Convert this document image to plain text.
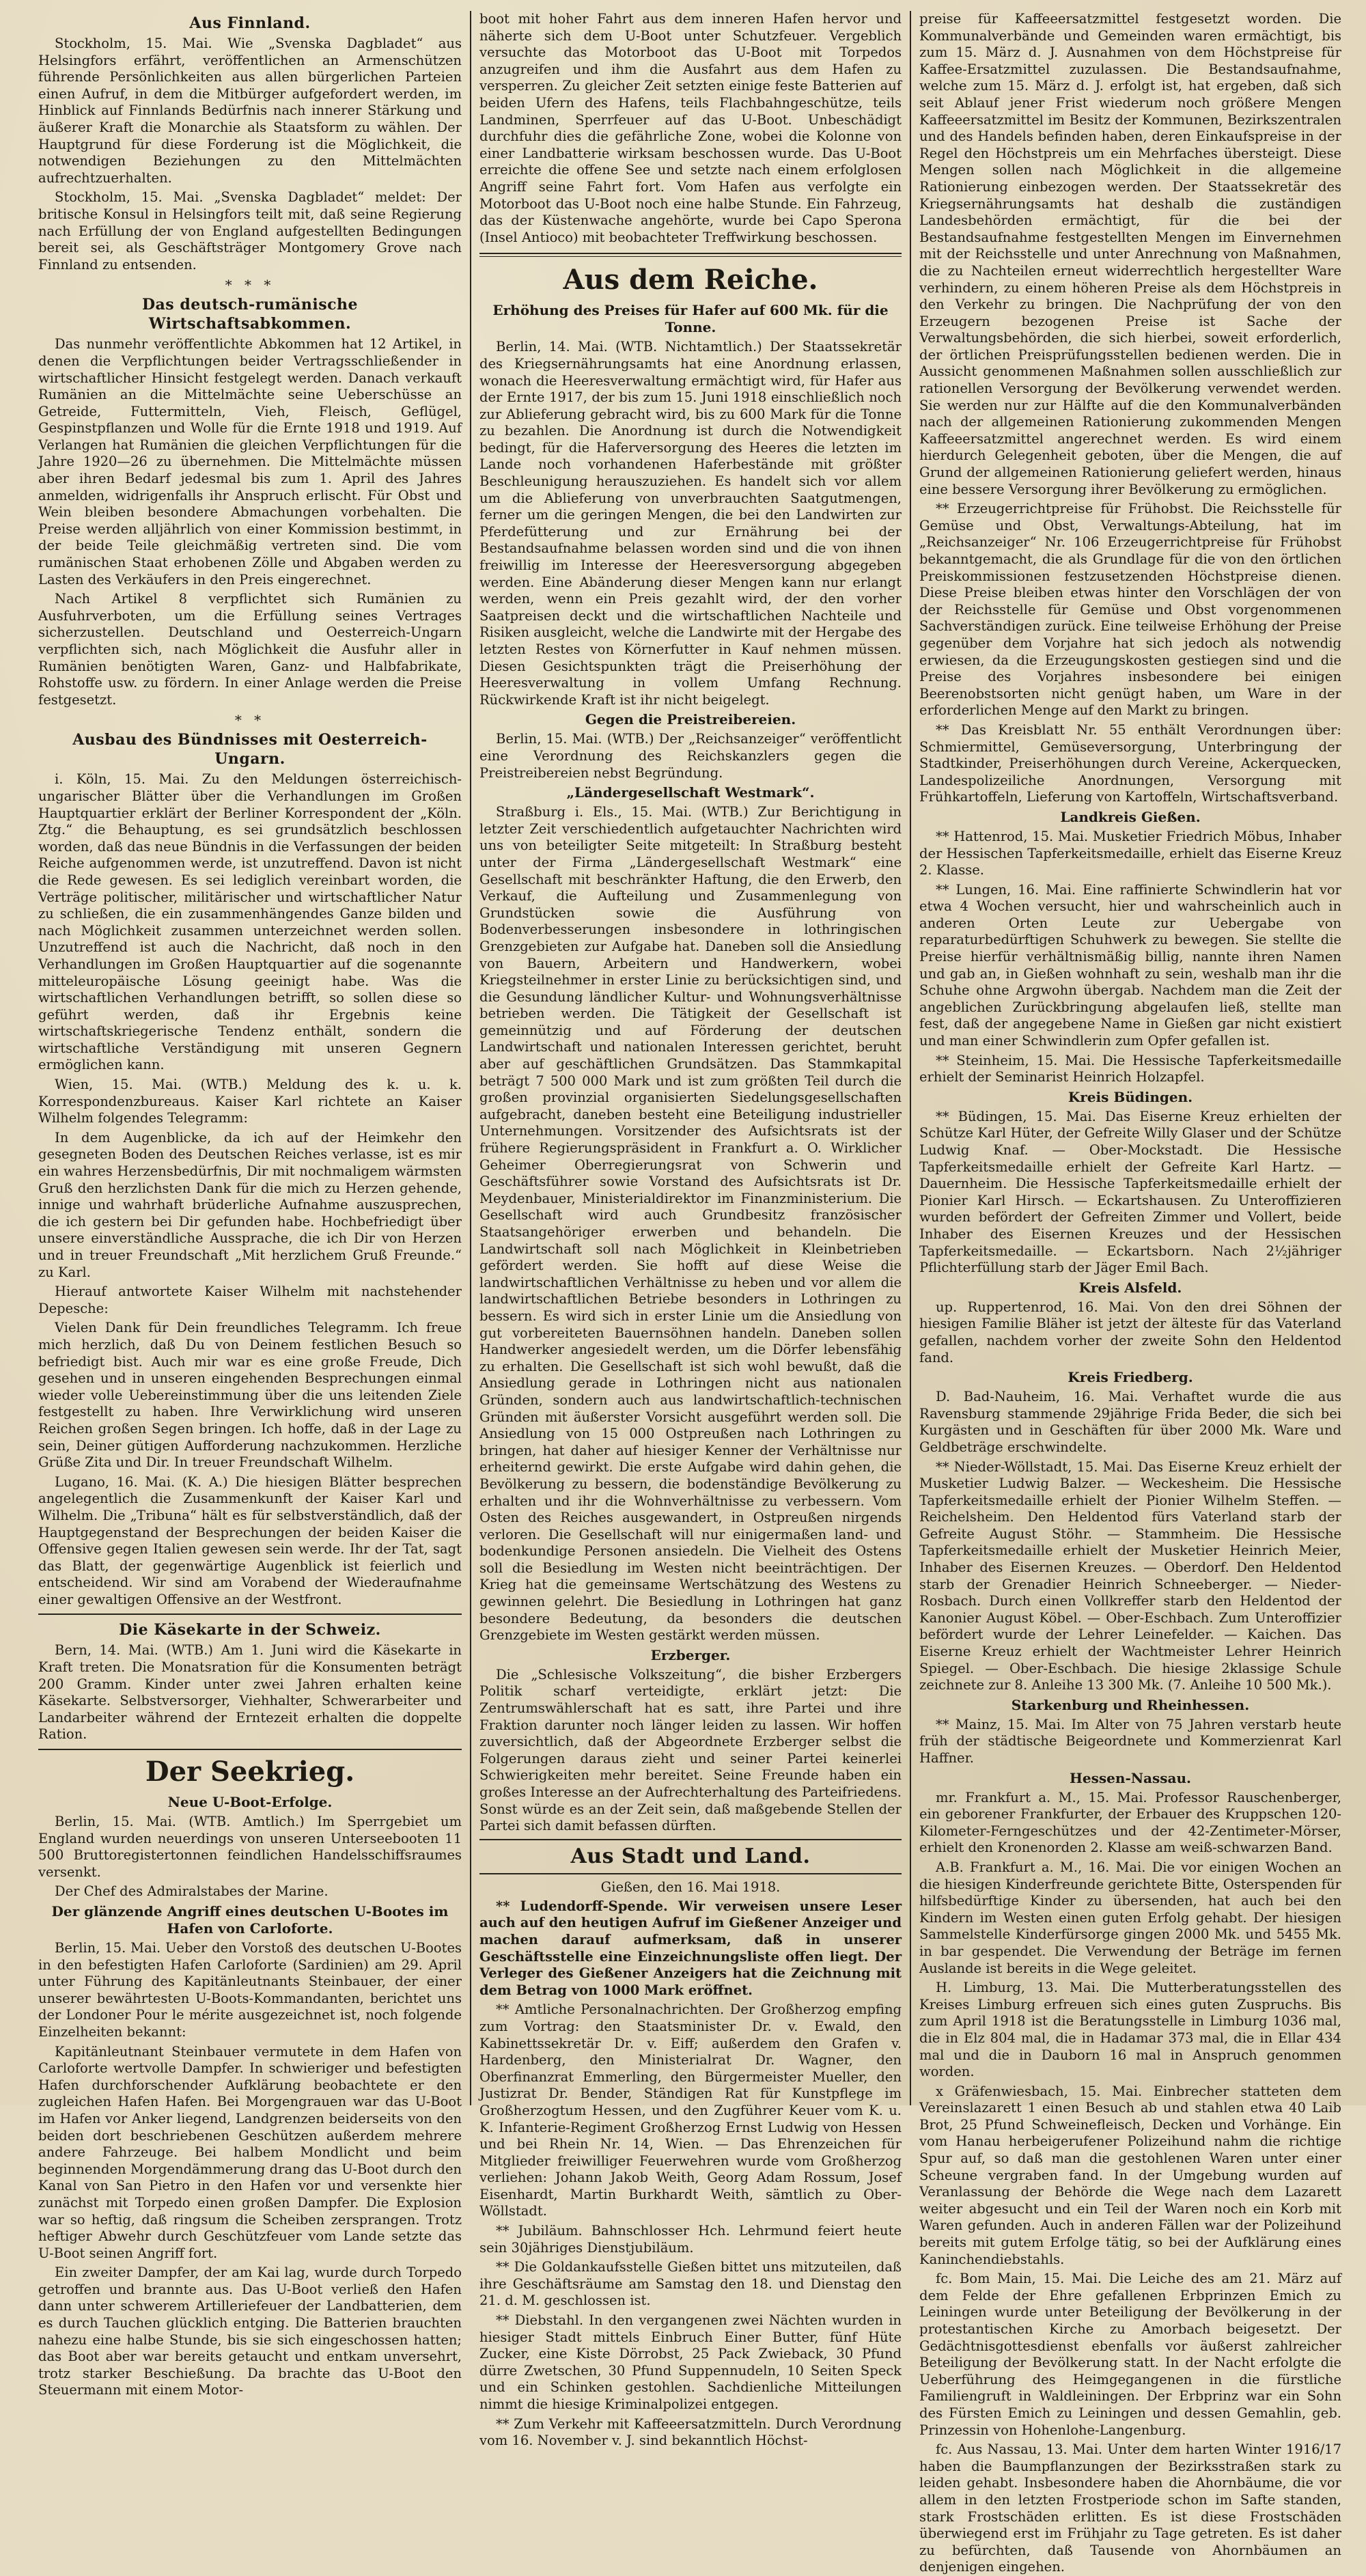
Aus Finnland.

Stockholm, 15. Mai. Wie „Svenska Dagbladet“ aus Helsingfors erfährt, veröffentlichen an Armenschützen führende Persönlichkeiten aus allen bürgerlichen Parteien einen Aufruf, in dem die Mitbürger aufgefordert werden, im Hinblick auf Finnlands Bedürfnis nach innerer Stärkung und äußerer Kraft die Monarchie als Staatsform zu wählen. Der Hauptgrund für diese Forderung ist die Möglichkeit, die notwendigen Beziehungen zu den Mittelmächten aufrechtzuerhalten.

Stockholm, 15. Mai. „Svenska Dagbladet“ meldet: Der britische Konsul in Helsingfors teilt mit, daß seine Regierung nach Erfüllung der von England aufgestellten Bedingungen bereit sei, als Geschäftsträger Montgomery Grove nach Finnland zu entsenden.

* * *
Das deutsch-rumänische Wirtschaftsabkommen.

Das nunmehr veröffentlichte Abkommen hat 12 Artikel, in denen die Verpflichtungen beider Vertragsschließender in wirtschaftlicher Hinsicht festgelegt werden. Danach verkauft Rumänien an die Mittelmächte seine Ueberschüsse an Getreide, Futtermitteln, Vieh, Fleisch, Geflügel, Gespinstpflanzen und Wolle für die Ernte 1918 und 1919. Auf Verlangen hat Rumänien die gleichen Verpflichtungen für die Jahre 1920—26 zu übernehmen. Die Mittelmächte müssen aber ihren Bedarf jedesmal bis zum 1. April des Jahres anmelden, widrigenfalls ihr Anspruch erlischt. Für Obst und Wein bleiben besondere Abmachungen vorbehalten. Die Preise werden alljährlich von einer Kommission bestimmt, in der beide Teile gleichmäßig vertreten sind. Die vom rumänischen Staat erhobenen Zölle und Abgaben werden zu Lasten des Verkäufers in den Preis eingerechnet.

Nach Artikel 8 verpflichtet sich Rumänien zu Ausfuhrverboten, um die Erfüllung seines Vertrages sicherzustellen. Deutschland und Oesterreich-Ungarn verpflichten sich, nach Möglichkeit die Ausfuhr aller in Rumänien benötigten Waren, Ganz- und Halbfabrikate, Rohstoffe usw. zu fördern. In einer Anlage werden die Preise festgesetzt.

* *
Ausbau des Bündnisses mit Oesterreich-Ungarn.

i. Köln, 15. Mai. Zu den Meldungen österreichisch-ungarischer Blätter über die Verhandlungen im Großen Hauptquartier erklärt der Berliner Korrespondent der „Köln. Ztg.“ die Behauptung, es sei grundsätzlich beschlossen worden, daß das neue Bündnis in die Verfassungen der beiden Reiche aufgenommen werde, ist unzutreffend. Davon ist nicht die Rede gewesen. Es sei lediglich vereinbart worden, die Verträge politischer, militärischer und wirtschaftlicher Natur zu schließen, die ein zusammenhängendes Ganze bilden und nach Möglichkeit zusammen unterzeichnet werden sollen. Unzutreffend ist auch die Nachricht, daß noch in den Verhandlungen im Großen Hauptquartier auf die sogenannte mitteleuropäische Lösung geeinigt habe. Was die wirtschaftlichen Verhandlungen betrifft, so sollen diese so geführt werden, daß ihr Ergebnis keine wirtschaftskriegerische Tendenz enthält, sondern die wirtschaftliche Verständigung mit unseren Gegnern ermöglichen kann.

Wien, 15. Mai. (WTB.) Meldung des k. u. k. Korrespondenzbureaus. Kaiser Karl richtete an Kaiser Wilhelm folgendes Telegramm:

In dem Augenblicke, da ich auf der Heimkehr den gesegneten Boden des Deutschen Reiches verlasse, ist es mir ein wahres Herzensbedürfnis, Dir mit nochmaligem wärmsten Gruß den herzlichsten Dank für die mich zu Herzen gehende, innige und wahrhaft brüderliche Aufnahme auszusprechen, die ich gestern bei Dir gefunden habe. Hochbefriedigt über unsere einverständliche Aussprache, die ich Dir von Herzen und in treuer Freundschaft „Mit herzlichem Gruß Freunde.“ zu Karl.

Hierauf antwortete Kaiser Wilhelm mit nachstehender Depesche:

Vielen Dank für Dein freundliches Telegramm. Ich freue mich herzlich, daß Du von Deinem festlichen Besuch so befriedigt bist. Auch mir war es eine große Freude, Dich gesehen und in unseren eingehenden Besprechungen einmal wieder volle Uebereinstimmung über die uns leitenden Ziele festgestellt zu haben. Ihre Verwirklichung wird unseren Reichen großen Segen bringen. Ich hoffe, daß in der Lage zu sein, Deiner gütigen Aufforderung nachzukommen. Herzliche Grüße Zita und Dir. In treuer Freundschaft Wilhelm.

Lugano, 16. Mai. (K. A.) Die hiesigen Blätter besprechen angelegentlich die Zusammenkunft der Kaiser Karl und Wilhelm. Die „Tribuna“ hält es für selbstverständlich, daß der Hauptgegenstand der Besprechungen der beiden Kaiser die Offensive gegen Italien gewesen sein werde. Ihr der Tat, sagt das Blatt, der gegenwärtige Augenblick ist feierlich und entscheidend. Wir sind am Vorabend der Wiederaufnahme einer gewaltigen Offensive an der Westfront.

Die Käsekarte in der Schweiz.

Bern, 14. Mai. (WTB.) Am 1. Juni wird die Käsekarte in Kraft treten. Die Monatsration für die Konsumenten beträgt 200 Gramm. Kinder unter zwei Jahren erhalten keine Käsekarte. Selbstversorger, Viehhalter, Schwerarbeiter und Landarbeiter während der Erntezeit erhalten die doppelte Ration.

Der Seekrieg.
Neue U-Boot-Erfolge.

Berlin, 15. Mai. (WTB. Amtlich.) Im Sperrgebiet um England wurden neuerdings von unseren Unterseebooten 11 500 Bruttoregistertonnen feindlichen Handelsschiffsraumes versenkt.

Der Chef des Admiralstabes der Marine.

Der glänzende Angriff eines deutschen U-Bootes im Hafen von Carloforte.

Berlin, 15. Mai. Ueber den Vorstoß des deutschen U-Bootes in den befestigten Hafen Carloforte (Sardinien) am 29. April unter Führung des Kapitänleutnants Steinbauer, der einer unserer bewährtesten U-Boots-Kommandanten, berichtet uns der Londoner Pour le mérite ausgezeichnet ist, noch folgende Einzelheiten bekannt:

Kapitänleutnant Steinbauer vermutete in dem Hafen von Carloforte wertvolle Dampfer. In schwieriger und befestigten Hafen durchforschender Aufklärung beobachtete er den zugleichen Hafen Hafen. Bei Morgengrauen war das U-Boot im Hafen vor Anker liegend, Landgrenzen beiderseits von den beiden dort beschriebenen Geschützen außerdem mehrere andere Fahrzeuge. Bei halbem Mondlicht und beim beginnenden Morgendämmerung drang das U-Boot durch den Kanal von San Pietro in den Hafen vor und versenkte hier zunächst mit Torpedo einen großen Dampfer. Die Explosion war so heftig, daß ringsum die Scheiben zersprangen. Trotz heftiger Abwehr durch Geschützfeuer vom Lande setzte das U-Boot seinen Angriff fort.

Ein zweiter Dampfer, der am Kai lag, wurde durch Torpedo getroffen und brannte aus. Das U-Boot verließ den Hafen dann unter schwerem Artilleriefeuer der Landbatterien, dem es durch Tauchen glücklich entging. Die Batterien brauchten nahezu eine halbe Stunde, bis sie sich eingeschossen hatten; das Boot aber war bereits getaucht und entkam unversehrt, trotz starker Beschießung. Da brachte das U-Boot den Steuermann mit einem Motor-

boot mit hoher Fahrt aus dem inneren Hafen hervor und näherte sich dem U-Boot unter Schutzfeuer. Vergeblich versuchte das Motorboot das U-Boot mit Torpedos anzugreifen und ihm die Ausfahrt aus dem Hafen zu versperren. Zu gleicher Zeit setzten einige feste Batterien auf beiden Ufern des Hafens, teils Flachbahngeschütze, teils Landminen, Sperrfeuer auf das U-Boot. Unbeschädigt durchfuhr dies die gefährliche Zone, wobei die Kolonne von einer Landbatterie wirksam beschossen wurde. Das U-Boot erreichte die offene See und setzte nach einem erfolglosen Angriff seine Fahrt fort. Vom Hafen aus verfolgte ein Motorboot das U-Boot noch eine halbe Stunde. Ein Fahrzeug, das der Küstenwache angehörte, wurde bei Capo Sperona (Insel Antioco) mit beobachteter Treffwirkung beschossen.

Aus dem Reiche.
Erhöhung des Preises für Hafer auf 600 Mk. für die Tonne.

Berlin, 14. Mai. (WTB. Nichtamtlich.) Der Staatssekretär des Kriegsernährungsamts hat eine Anordnung erlassen, wonach die Heeresverwaltung ermächtigt wird, für Hafer aus der Ernte 1917, der bis zum 15. Juni 1918 einschließlich noch zur Ablieferung gebracht wird, bis zu 600 Mark für die Tonne zu bezahlen. Die Anordnung ist durch die Notwendigkeit bedingt, für die Haferversorgung des Heeres die letzten im Lande noch vorhandenen Haferbestände mit größter Beschleunigung herauszuziehen. Es handelt sich vor allem um die Ablieferung von unverbrauchten Saatgutmengen, ferner um die geringen Mengen, die bei den Landwirten zur Pferdefütterung und zur Ernährung bei der Bestandsaufnahme belassen worden sind und die von ihnen freiwillig im Interesse der Heeresversorgung abgegeben werden. Eine Abänderung dieser Mengen kann nur erlangt werden, wenn ein Preis gezahlt wird, der den vorher Saatpreisen deckt und die wirtschaftlichen Nachteile und Risiken ausgleicht, welche die Landwirte mit der Hergabe des letzten Restes von Körnerfutter in Kauf nehmen müssen. Diesen Gesichtspunkten trägt die Preiserhöhung der Heeresverwaltung in vollem Umfang Rechnung. Rückwirkende Kraft ist ihr nicht beigelegt.

Gegen die Preistreibereien.

Berlin, 15. Mai. (WTB.) Der „Reichsanzeiger“ veröffentlicht eine Verordnung des Reichskanzlers gegen die Preistreibereien nebst Begründung.

„Ländergesellschaft Westmark“.

Straßburg i. Els., 15. Mai. (WTB.) Zur Berichtigung in letzter Zeit verschiedentlich aufgetauchter Nachrichten wird uns von beteiligter Seite mitgeteilt: In Straßburg besteht unter der Firma „Ländergesellschaft Westmark“ eine Gesellschaft mit beschränkter Haftung, die den Erwerb, den Verkauf, die Aufteilung und Zusammenlegung von Grundstücken sowie die Ausführung von Bodenverbesserungen insbesondere in lothringischen Grenzgebieten zur Aufgabe hat. Daneben soll die Ansiedlung von Bauern, Arbeitern und Handwerkern, wobei Kriegsteilnehmer in erster Linie zu berücksichtigen sind, und die Gesundung ländlicher Kultur- und Wohnungsverhältnisse betrieben werden. Die Tätigkeit der Gesellschaft ist gemeinnützig und auf Förderung der deutschen Landwirtschaft und nationalen Interessen gerichtet, beruht aber auf geschäftlichen Grundsätzen. Das Stammkapital beträgt 7 500 000 Mark und ist zum größten Teil durch die großen provinzial organisierten Siedelungsgesellschaften aufgebracht, daneben besteht eine Beteiligung industrieller Unternehmungen. Vorsitzender des Aufsichtsrats ist der frühere Regierungspräsident in Frankfurt a. O. Wirklicher Geheimer Oberregierungsrat von Schwerin und Geschäftsführer sowie Vorstand des Aufsichtsrats ist Dr. Meydenbauer, Ministerialdirektor im Finanzministerium. Die Gesellschaft wird auch Grundbesitz französischer Staatsangehöriger erwerben und behandeln. Die Landwirtschaft soll nach Möglichkeit in Kleinbetrieben gefördert werden. Sie hofft auf diese Weise die landwirtschaftlichen Verhältnisse zu heben und vor allem die landwirtschaftlichen Betriebe besonders in Lothringen zu bessern. Es wird sich in erster Linie um die Ansiedlung von gut vorbereiteten Bauernsöhnen handeln. Daneben sollen Handwerker angesiedelt werden, um die Dörfer lebensfähig zu erhalten. Die Gesellschaft ist sich wohl bewußt, daß die Ansiedlung gerade in Lothringen nicht aus nationalen Gründen, sondern auch aus landwirtschaftlich-technischen Gründen mit äußerster Vorsicht ausgeführt werden soll. Die Ansiedlung von 15 000 Ostpreußen nach Lothringen zu bringen, hat daher auf hiesiger Kenner der Verhältnisse nur erheiternd gewirkt. Die erste Aufgabe wird dahin gehen, die Bevölkerung zu bessern, die bodenständige Bevölkerung zu erhalten und ihr die Wohnverhältnisse zu verbessern. Vom Osten des Reiches ausgewandert, in Ostpreußen nirgends verloren. Die Gesellschaft will nur einigermaßen land- und bodenkundige Personen ansiedeln. Die Vielheit des Ostens soll die Besiedlung im Westen nicht beeinträchtigen. Der Krieg hat die gemeinsame Wertschätzung des Westens zu gewinnen gelehrt. Die Besiedlung in Lothringen hat ganz besondere Bedeutung, da besonders die deutschen Grenzgebiete im Westen gestärkt werden müssen.

Erzberger.

Die „Schlesische Volkszeitung“, die bisher Erzbergers Politik scharf verteidigte, erklärt jetzt: Die Zentrumswählerschaft hat es satt, ihre Partei und ihre Fraktion darunter noch länger leiden zu lassen. Wir hoffen zuversichtlich, daß der Abgeordnete Erzberger selbst die Folgerungen daraus zieht und seiner Partei keinerlei Schwierigkeiten mehr bereitet. Seine Freunde haben ein großes Interesse an der Aufrechterhaltung des Parteifriedens. Sonst würde es an der Zeit sein, daß maßgebende Stellen der Partei sich damit befassen dürften.

Aus Stadt und Land.
Gießen, den 16. Mai 1918.

** Ludendorff-Spende. Wir verweisen unsere Leser auch auf den heutigen Aufruf im Gießener Anzeiger und machen darauf aufmerksam, daß in unserer Geschäftsstelle eine Einzeichnungsliste offen liegt. Der Verleger des Gießener Anzeigers hat die Zeichnung mit dem Betrag von 1000 Mark eröffnet.

** Amtliche Personalnachrichten. Der Großherzog empfing zum Vortrag: den Staatsminister Dr. v. Ewald, den Kabinettssekretär Dr. v. Eiff; außerdem den Grafen v. Hardenberg, den Ministerialrat Dr. Wagner, den Oberfinanzrat Emmerling, den Bürgermeister Mueller, den Justizrat Dr. Bender, Ständigen Rat für Kunstpflege im Großherzogtum Hessen, und den Zugführer Keuer vom K. u. K. Infanterie-Regiment Großherzog Ernst Ludwig von Hessen und bei Rhein Nr. 14, Wien. — Das Ehrenzeichen für Mitglieder freiwilliger Feuerwehren wurde vom Großherzog verliehen: Johann Jakob Weith, Georg Adam Rossum, Josef Eisenhardt, Martin Burkhardt Weith, sämtlich zu Ober-Wöllstadt.

** Jubiläum. Bahnschlosser Hch. Lehrmund feiert heute sein 30jähriges Dienstjubiläum.

** Die Goldankaufsstelle Gießen bittet uns mitzuteilen, daß ihre Geschäftsräume am Samstag den 18. und Dienstag den 21. d. M. geschlossen ist.

** Diebstahl. In den vergangenen zwei Nächten wurden in hiesiger Stadt mittels Einbruch Einer Butter, fünf Hüte Zucker, eine Kiste Dörrobst, 25 Pack Zwieback, 30 Pfund dürre Zwetschen, 30 Pfund Suppennudeln, 10 Seiten Speck und ein Schinken gestohlen. Sachdienliche Mitteilungen nimmt die hiesige Kriminalpolizei entgegen.

** Zum Verkehr mit Kaffeeersatzmitteln. Durch Verordnung vom 16. November v. J. sind bekanntlich Höchst-

preise für Kaffeeersatzmittel festgesetzt worden. Die Kommunalverbände und Gemeinden waren ermächtigt, bis zum 15. März d. J. Ausnahmen von dem Höchstpreise für Kaffee-Ersatzmittel zuzulassen. Die Bestandsaufnahme, welche zum 15. März d. J. erfolgt ist, hat ergeben, daß sich seit Ablauf jener Frist wiederum noch größere Mengen Kaffeeersatzmittel im Besitz der Kommunen, Bezirkszentralen und des Handels befinden haben, deren Einkaufspreise in der Regel den Höchstpreis um ein Mehrfaches übersteigt. Diese Mengen sollen nach Möglichkeit in die allgemeine Rationierung einbezogen werden. Der Staatssekretär des Kriegsernährungsamts hat deshalb die zuständigen Landesbehörden ermächtigt, für die bei der Bestandsaufnahme festgestellten Mengen im Einvernehmen mit der Reichsstelle und unter Anrechnung von Maßnahmen, die zu Nachteilen erneut widerrechtlich hergestellter Ware verhindern, zu einem höheren Preise als dem Höchstpreis in den Verkehr zu bringen. Die Nachprüfung der von den Erzeugern bezogenen Preise ist Sache der Verwaltungsbehörden, die sich hierbei, soweit erforderlich, der örtlichen Preisprüfungsstellen bedienen werden. Die in Aussicht genommenen Maßnahmen sollen ausschließlich zur rationellen Versorgung der Bevölkerung verwendet werden. Sie werden nur zur Hälfte auf die den Kommunalverbänden nach der allgemeinen Rationierung zukommenden Mengen Kaffeeersatzmittel angerechnet werden. Es wird einem hierdurch Gelegenheit geboten, über die Mengen, die auf Grund der allgemeinen Rationierung geliefert werden, hinaus eine bessere Versorgung ihrer Bevölkerung zu ermöglichen.

** Erzeugerrichtpreise für Frühobst. Die Reichsstelle für Gemüse und Obst, Verwaltungs-Abteilung, hat im „Reichsanzeiger“ Nr. 106 Erzeugerrichtpreise für Frühobst bekanntgemacht, die als Grundlage für die von den örtlichen Preiskommissionen festzusetzenden Höchstpreise dienen. Diese Preise bleiben etwas hinter den Vorschlägen der von der Reichsstelle für Gemüse und Obst vorgenommenen Sachverständigen zurück. Eine teilweise Erhöhung der Preise gegenüber dem Vorjahre hat sich jedoch als notwendig erwiesen, da die Erzeugungskosten gestiegen sind und die Preise des Vorjahres insbesondere bei einigen Beerenobstsorten nicht genügt haben, um Ware in der erforderlichen Menge auf den Markt zu bringen.

** Das Kreisblatt Nr. 55 enthält Verordnungen über: Schmiermittel, Gemüseversorgung, Unterbringung der Stadtkinder, Preiserhöhungen durch Vereine, Ackerquecken, Landespolizeiliche Anordnungen, Versorgung mit Frühkartoffeln, Lieferung von Kartoffeln, Wirtschaftsverband.

Landkreis Gießen.

** Hattenrod, 15. Mai. Musketier Friedrich Möbus, Inhaber der Hessischen Tapferkeitsmedaille, erhielt das Eiserne Kreuz 2. Klasse.

** Lungen, 16. Mai. Eine raffinierte Schwindlerin hat vor etwa 4 Wochen versucht, hier und wahrscheinlich auch in anderen Orten Leute zur Uebergabe von reparaturbedürftigen Schuhwerk zu bewegen. Sie stellte die Preise hierfür verhältnismäßig billig, nannte ihren Namen und gab an, in Gießen wohnhaft zu sein, weshalb man ihr die Schuhe ohne Argwohn übergab. Nachdem man die Zeit der angeblichen Zurückbringung abgelaufen ließ, stellte man fest, daß der angegebene Name in Gießen gar nicht existiert und man einer Schwindlerin zum Opfer gefallen ist.

** Steinheim, 15. Mai. Die Hessische Tapferkeitsmedaille erhielt der Seminarist Heinrich Holzapfel.

Kreis Büdingen.

** Büdingen, 15. Mai. Das Eiserne Kreuz erhielten der Schütze Karl Hüter, der Gefreite Willy Glaser und der Schütze Ludwig Knaf. — Ober-Mockstadt. Die Hessische Tapferkeitsmedaille erhielt der Gefreite Karl Hartz. — Dauernheim. Die Hessische Tapferkeitsmedaille erhielt der Pionier Karl Hirsch. — Eckartshausen. Zu Unteroffizieren wurden befördert der Gefreiten Zimmer und Vollert, beide Inhaber des Eisernen Kreuzes und der Hessischen Tapferkeitsmedaille. — Eckartsborn. Nach 2½jähriger Pflichterfüllung starb der Jäger Emil Bach.

Kreis Alsfeld.

up. Ruppertenrod, 16. Mai. Von den drei Söhnen der hiesigen Familie Bläher ist jetzt der älteste für das Vaterland gefallen, nachdem vorher der zweite Sohn den Heldentod fand.

Kreis Friedberg.

D. Bad-Nauheim, 16. Mai. Verhaftet wurde die aus Ravensburg stammende 29jährige Frida Beder, die sich bei Kurgästen und in Geschäften für über 2000 Mk. Ware und Geldbeträge erschwindelte.

** Nieder-Wöllstadt, 15. Mai. Das Eiserne Kreuz erhielt der Musketier Ludwig Balzer. — Weckesheim. Die Hessische Tapferkeitsmedaille erhielt der Pionier Wilhelm Steffen. — Reichelsheim. Den Heldentod fürs Vaterland starb der Gefreite August Stöhr. — Stammheim. Die Hessische Tapferkeitsmedaille erhielt der Musketier Heinrich Meier, Inhaber des Eisernen Kreuzes. — Oberdorf. Den Heldentod starb der Grenadier Heinrich Schneeberger. — Nieder-Rosbach. Durch einen Vollkreffer starb den Heldentod der Kanonier August Köbel. — Ober-Eschbach. Zum Unteroffizier befördert wurde der Lehrer Leinefelder. — Kaichen. Das Eiserne Kreuz erhielt der Wachtmeister Lehrer Heinrich Spiegel. — Ober-Eschbach. Die hiesige 2klassige Schule zeichnete zur 8. Anleihe 13 300 Mk. (7. Anleihe 10 500 Mk.).

Starkenburg und Rheinhessen.

** Mainz, 15. Mai. Im Alter von 75 Jahren verstarb heute früh der städtische Beigeordnete und Kommerzienrat Karl Haffner.

Hessen-Nassau.

mr. Frankfurt a. M., 15. Mai. Professor Rauschenberger, ein geborener Frankfurter, der Erbauer des Kruppschen 120-Kilometer-Ferngeschützes und der 42-Zentimeter-Mörser, erhielt den Kronenorden 2. Klasse am weiß-schwarzen Band.

A.B. Frankfurt a. M., 16. Mai. Die vor einigen Wochen an die hiesigen Kinderfreunde gerichtete Bitte, Osterspenden für hilfsbedürftige Kinder zu übersenden, hat auch bei den Kindern im Westen einen guten Erfolg gehabt. Der hiesigen Sammelstelle Kinderfürsorge gingen 2000 Mk. und 5455 Mk. in bar gespendet. Die Verwendung der Beträge im fernen Auslande ist bereits in die Wege geleitet.

H. Limburg, 13. Mai. Die Mutterberatungsstellen des Kreises Limburg erfreuen sich eines guten Zuspruchs. Bis zum April 1918 ist die Beratungsstelle in Limburg 1036 mal, die in Elz 804 mal, die in Hadamar 373 mal, die in Ellar 434 mal und die in Dauborn 16 mal in Anspruch genommen worden.

x Gräfenwiesbach, 15. Mai. Einbrecher statteten dem Vereinslazarett 1 einen Besuch ab und stahlen etwa 40 Laib Brot, 25 Pfund Schweinefleisch, Decken und Vorhänge. Ein vom Hanau herbeigerufener Polizeihund nahm die richtige Spur auf, so daß man die gestohlenen Waren unter einer Scheune vergraben fand. In der Umgebung wurden auf Veranlassung der Behörde die Wege nach dem Lazarett weiter abgesucht und ein Teil der Waren noch ein Korb mit Waren gefunden. Auch in anderen Fällen war der Polizeihund bereits mit gutem Erfolge tätig, so bei der Aufklärung eines Kaninchendiebstahls.

fc. Bom Main, 15. Mai. Die Leiche des am 21. März auf dem Felde der Ehre gefallenen Erbprinzen Emich zu Leiningen wurde unter Beteiligung der Bevölkerung in der protestantischen Kirche zu Amorbach beigesetzt. Der Gedächtnisgottesdienst ebenfalls vor äußerst zahlreicher Beteiligung der Bevölkerung statt. In der Nacht erfolgte die Ueberführung des Heimgegangenen in die fürstliche Familiengruft in Waldleiningen. Der Erbprinz war ein Sohn des Fürsten Emich zu Leiningen und dessen Gemahlin, geb. Prinzessin von Hohenlohe-Langenburg.

fc. Aus Nassau, 13. Mai. Unter dem harten Winter 1916/17 haben die Baumpflanzungen der Bezirksstraßen stark zu leiden gehabt. Insbesondere haben die Ahornbäume, die vor allem in den letzten Frostperiode schon im Safte standen, stark Frostschäden erlitten. Es ist diese Frostschäden überwiegend erst im Frühjahr zu Tage getreten. Es ist daher zu befürchten, daß Tausende von Ahornbäumen an denjenigen eingehen.
